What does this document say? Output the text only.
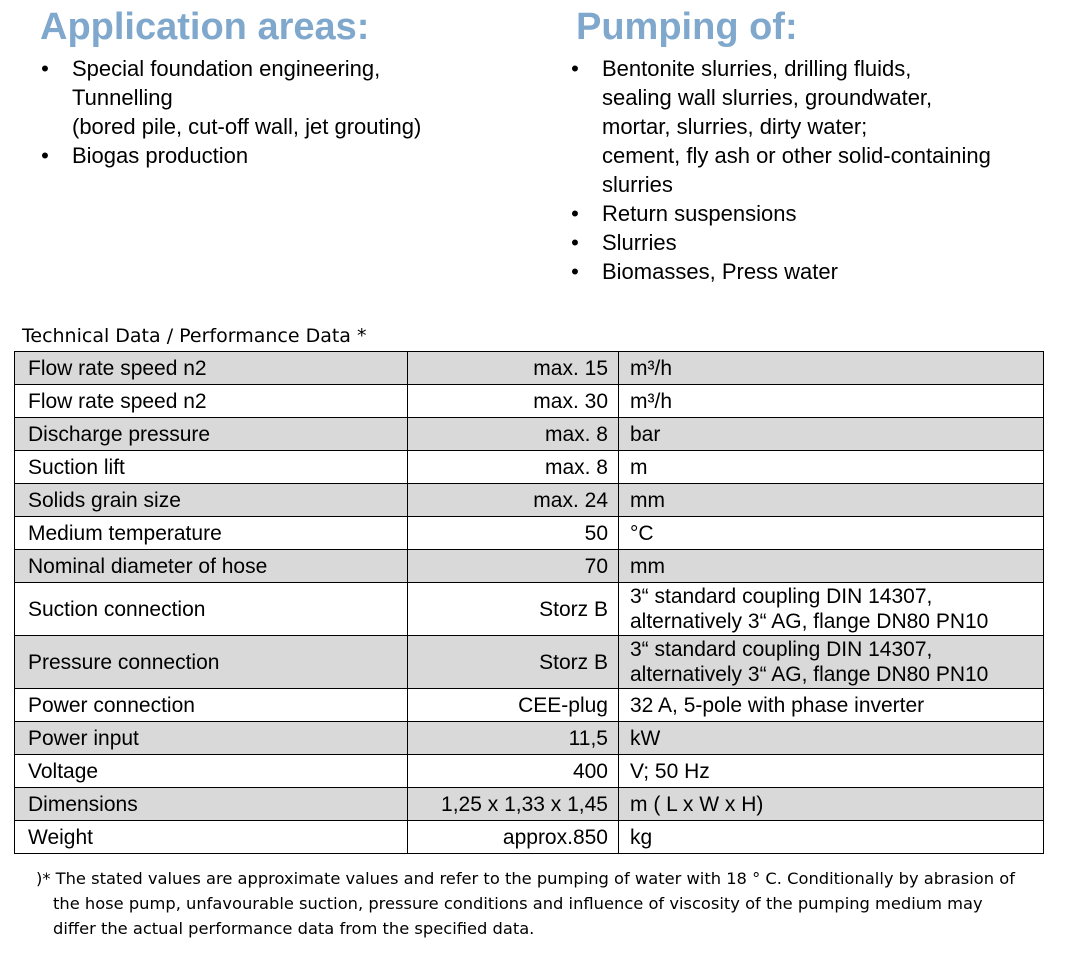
Application areas:
• Special foundation engineering,
Tunnelling
(bored pile, cut-off wall, jet grouting)
• Biogas production
Pumping of:
• Bentonite slurries, drilling fluids,
sealing wall slurries, groundwater,
mortar, slurries, dirty water;
cement, fly ash or other solid-containing
slurries
• Return suspensions
• Slurries
• Biomasses, Press water

Technical Data / Performance Data *

Flow rate speed n2	max. 15	m³/h

Flow rate speed n2	max. 30	m³/h

Discharge pressure	max. 8	bar

Suction lift	max. 8	m

Solids grain size	max. 24	mm

Medium temperature	50	°C

Nominal diameter of hose	70	mm

Suction connection	Storz B	3“ standard coupling DIN 14307,
alternatively 3“ AG, flange DN80 PN10

Pressure connection	Storz B	3“ standard coupling DIN 14307,
alternatively 3“ AG, flange DN80 PN10

Power connection	CEE-plug	32 A, 5-pole with phase inverter

Power input	11,5	kW

Voltage	400	V; 50 Hz

Dimensions	1,25 x 1,33 x 1,45	m ( L x W x H)

Weight	approx.850	kg

)* The stated values are approximate values and refer to the pumping of water with 18 ° C. Conditionally by abrasion of
the hose pump, unfavourable suction, pressure conditions and influence of viscosity of the pumping medium may
differ the actual performance data from the specified data.
